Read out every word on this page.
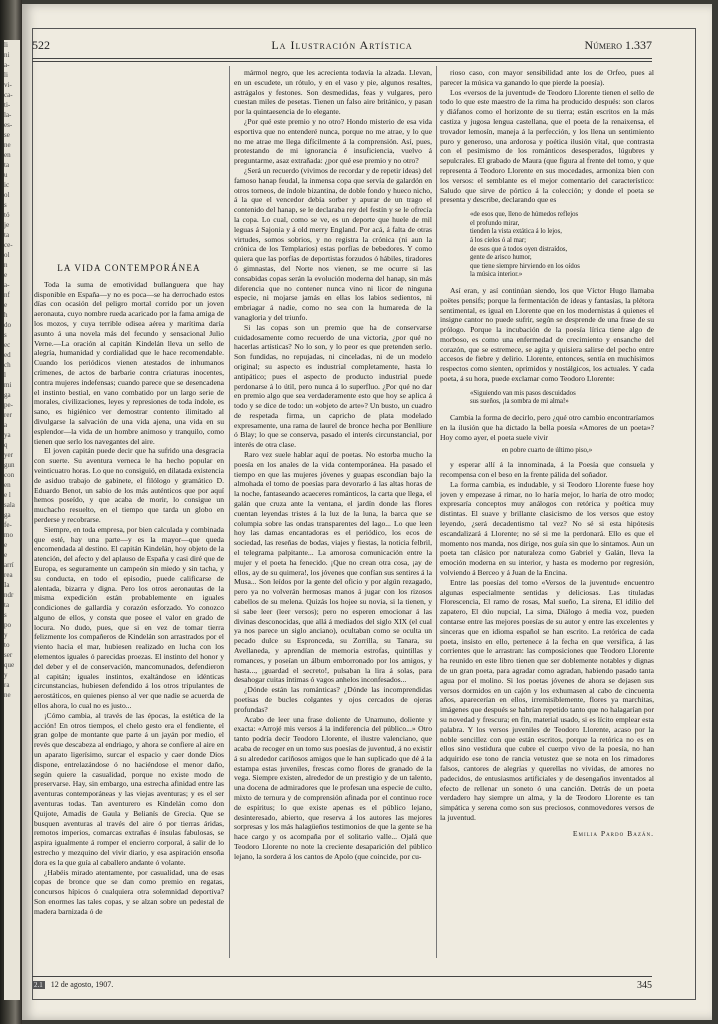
li
ni
a-
li
vi-
ca-
ti-
la-
es-
se
ne
en
ta
u
ic
ol
s
tó
je
ta
ce-
ol
n
e
a-
nf
e
h
do
s
ec
ed
ch
l
mi
ga
pe-
rer
a
ya
q
yer
gun
con
en
e l
sala
ga
fe-
mo
e
e
arrí
rea
Ia
ndr
ta
s
po
y
to
ser
que
y
ra
ne
522	La Ilustración Artística	Número 1.337
LA VIDA CONTEMPORÁNEA

Toda la suma de emotividad bullanguera que hay disponible en España—y no es poca—se ha derrochado estos días con ocasión del peligro mortal corrido por un joven aeronauta, cuyo nombre rueda acaricado por la fama amiga de los mozos, y cuya terrible odisea aérea y marítima daría asunto á una novela más del fecundo y sensacional Julio Verne.—La oración al capitán Kindelán lleva un sello de alegría, humanidad y cordialidad que le hace recomendable. Cuando los periódicos vienen atestados de inhumanos crímenes, de actos de barbarie contra criaturas inocentes, contra mujeres indefensas; cuando parece que se desencadena el instinto bestial, en vano combatido por un largo serie de morales, civilizaciones, leyes y represiones de toda índole, es sano, es higiénico ver demostrar contento ilimitado al divulgarse la salvación de una vida ajena, una vida en su esplendor—la vida de un hombre animoso y tranquilo, como tienen que serlo los navegantes del aire.

El joven capitán puede decir que ha sufrido una desgracia con suerte. Su aventura verneca le ha hecho popular en veinticuatro horas. Lo que no consiguió, en dilatada existencia de asiduo trabajo de gabinete, el filólogo y gramático D. Eduardo Benot, un sabio de los más auténticos que por aquí hemos poseído, y que acaba de morir, lo consigue un muchacho resuelto, en el tiempo que tarda un globo en perderse y recobrarse.

Siempre, en toda empresa, por bien calculada y combinada que esté, hay una parte—y es la mayor—que queda encomendada al destino. El capitán Kindelán, hoy objeto de la atención, del afecto y del aplauso de España y casi diré que de Europa, es seguramente un campeón sin miedo y sin tacha, y su conducta, en todo el episodio, puede calificarse de alentada, bizarra y digna. Pero los otros aeronautas de la misma expedición están probablemente en iguales condiciones de gallardía y corazón esforzado. Yo conozco alguno de ellos, y consta que posee el valor en grado de locura. No dudo, pues, que si en vez de tomar tierra felizmente los compañeros de Kindelán son arrastrados por el viento hacia el mar, hubiesen realizado en lucha con los elementos iguales ó parecidas proezas. El instinto del honor y del deber y el de conservación, mancomunados, defendieron al capitán; iguales instintos, exaltándose en idénticas circunstancias, hubiesen defendido á los otros tripulantes de aerostáticos, en quienes pienso al ver que nadie se acuerda de ellos ahora, lo cual no es justo...

¡Cómo cambia, al través de las épocas, la estética de la acción! En otros tiempos, el chelo gesto era el fendiente, el gran golpe de montante que parte á un jayán por medio, el revés que descabeza al endriago, y ahora se confiere al aire en un aparato ligerísimo, surcar el espacio y caer donde Dios dispone, entrelazándose ó no haciéndose el menor daño, según quiere la casualidad, porque no existe modo de preservarse. Hay, sin embargo, una estrecha afinidad entre las aventuras contemporáneas y las viejas aventuras; y es el ser aventuras todas. Tan aventurero es Kindelán como don Quijote, Amadís de Gaula y Belianís de Grecia. Que se busquen aventuras al través del aire ó por tierras áridas, remotos imperios, comarcas extrañas é ínsulas fabulosas, se aspira igualmente á romper el encierro corporal, á salir de lo estrecho y mezquino del vivir diario, y esa aspiración ensoña dora es la que guía al caballero andante ó volante.

¿Habéis mirado atentamente, por casualidad, una de esas copas de bronce que se dan como premio en regatas, concursos hípicos ó cualquiera otra solemnidad deportiva? Son enormes las tales copas, y se alzan sobre un pedestal de madera barnizada ó de

mármol negro, que les acrecienta todavía la alzada. Llevan, en un escudete, un rótulo, y en el vaso y pie, algunos resaltes, astrágalos y festones. Son desmedidas, feas y vulgares, pero cuestan miles de pesetas. Tienen un falso aire británico, y pasan por la quintaesencia de lo elegante.

¿Por qué este premio y no otro? Hondo misterio de esa vida esportiva que no entenderé nunca, porque no me atrae, y lo que no me atrae me llega difícilmente á la comprensión. Así, pues, protestando de mi ignorancia é insuficiencia, vuelvo á preguntarme, asaz extrañada: ¿por qué ese premio y no otro?

¿Será un recuerdo (vivimos de recordar y de repetir ideas) del famoso hanap feudal, la inmensa copa que servía de galardón en otros torneos, de índole bizantina, de doble fondo y hueco nicho, á la que el vencedor debía sorber y apurar de un trago el contenido del hanap, se le declaraba rey del festín y se le ofrecía la copa. Lo cual, como se ve, es un deporte que huele de mil leguas á Sajonia y á old merry England. Por acá, á falta de otras virtudes, somos sobrios, y no registra la crónica (ni aun la crónica de los Templarios) estas porfías de bebedores. Y como quiera que las porfías de deportistas forzudos ó hábiles, tiradores ó gimnastas, del Norte nos vienen, se me ocurre si las consabidas copas serán la evolución moderna del hanap, sin más diferencia que no contener nunca vino ni licor de ninguna especie, ni mojarse jamás en ellas los labios sedientos, ni embriagar á nadie, como no sea con la humareda de la vanagloria y del triunfo.

Si las copas son un premio que ha de conservarse cuidadosamente como recuerdo de una victoria, ¿por qué no hacerlas artísticas? No lo son, y lo peor es que pretenden serlo. Son fundidas, no repujadas, ni cinceladas, ni de un modelo original; su aspecto es industrial completamente, hasta lo antipático; pues el aspecto de producto industrial puede perdonarse á lo útil, pero nunca á lo superfluo. ¿Por qué no dar en premio algo que sea verdaderamente esto que hoy se aplica á todo y se dice de todo: un «objeto de arte»? Un busto, un cuadro de respetada firma, un capricho de plata modelado expresamente, una rama de laurel de bronce hecha por Benlliure ó Blay; lo que se conserva, pasado el interés circunstancial, por interés de otra clase.

Raro vez suele hablar aquí de poetas. No estorba mucho la poesía en los anales de la vida contemporánea. Ha pasado el tiempo en que las mujeres jóvenes y guapas escondían bajo la almohada el tomo de poesías para devorarlo á las altas horas de la noche, fantaseando acaeceres románticos, la carta que llega, el galán que cruza ante la ventana, el jardín donde las flores cuentan leyendas tristes á la luz de la luna, la barca que se columpia sobre las ondas transparentes del lago... Lo que leen hoy las damas encantadoras es el periódico, los ecos de sociedad, las reseñas de bodas, viajes y fiestas, la noticia felbril, el telegrama palpitante... La amorosa comunicación entre la mujer y el poeta ha fenecido. ¡Que no crean otra cosa, ¡ay de ellos, ay de su quimera!, los jóvenes que confían sus sentires á la Musa... Son leídos por la gente del oficio y por algún rezagado, pero ya no volverán hermosas manos á jugar con los rizosos cabellos de su melena. Quizás los hojee su novia, si la tienen, y si sabe leer (leer versos); pero no esperen emocionar á las divinas desconocidas, que allá á mediados del siglo XIX (el cual ya nos parece un siglo anciano), ocultaban como se oculta un pecado dulce su Espronceda, su Zorrilla, su Tanara, su Avellaneda, y aprendían de memoria estrofas, quintillas y romances, y poseían un álbum emborronado por los amigos, y hasta..., ¡guardad el secreto!, pulsaban la lira á solas, para desahogar cuitas íntimas ó vagos anhelos inconfesados...

¿Dónde están las románticas? ¿Dónde las incomprendidas poetisas de bucles colgantes y ojos cercados de ojeras profundas?

Acabo de leer una frase doliente de Unamuno, doliente y exacta: «Arrojé mis versos á la indiferencia del público...» Otro tanto podría decir Teodoro Llorente, el ilustre valenciano, que acaba de recoger en un tomo sus poesías de juventud, á no existir á su alrededor cariñosos amigos que le han suplicado que dé á la estampa estas juveniles, frescas como flores de granado de la vega. Siempre existen, alrededor de un prestigio y de un talento, una docena de admiradores que le profesan una especie de culto, mixto de ternura y de comprensión afinada por el continuo roce de espíritus; lo que existe apenas es el público lejano, desinteresado, abierto, que reserva á los autores las mejores sorpresas y los más halagüeños testimonios de que la gente se ha hace cargo y os acompaña por el solitario valle... Ojalá que Teodoro Llorente no note la creciente desaparición del público lejano, la sordera á los cantos de Apolo (que coincide, por cu-

rioso caso, con mayor sensibilidad ante los de Orfeo, pues al parecer la música va ganando lo que pierde la poesía).

Los «versos de la juventud» de Teodoro Llorente tienen el sello de todo lo que este maestro de la rima ha producido después: son claros y diáfanos como el horizonte de su tierra; están escritos en la más castiza y jugosa lengua castellana, que el poeta de la renaixensa, el trovador lemosín, maneja á la perfección, y los llena un sentimiento puro y generoso, una ardorosa y poética ilusión vital, que contrasta con el pesimismo de los románticos desesperados, lúgubres y sepulcrales. El grabado de Maura (que figura al frente del tomo, y que representa á Teodoro Llorente en sus mocedades, armoniza bien con los versos: el semblante es el mejor comentario del característico: Saludo que sirve de pórtico á la colección; y donde el poeta se presenta y describe, declarando que es

«de esos que, lleno de húmedos reflejos
el profundo mirar,
tienden la vista extática á lo lejos,
á los cielos ó al mar;
de esos que á todos oyen distraídos,
gente de arisco humor,
que tiene siempre hirviendo en los oídos
la música interior.»

Así eran, y así continúan siendo, los que Víctor Hugo llamaba poëtes pensifs; porque la fermentación de ideas y fantasías, la plétora sentimental, es igual en Llorente que en los modernistas á quienes el insigne cantor no puede sufrir, según se desprende de una frase de su prólogo. Porque la incubación de la poesía lírica tiene algo de morboso, es como una enfermedad de crecimiento y ensanche del corazón, que se estremece, se agita y quisiera salirse del pecho entre accesos de fiebre y delirio. Llorente, entonces, sentía en muchísimos respectos como sienten, oprimidos y nostálgicos, los actuales. Y cada poeta, á su hora, puede exclamar como Teodoro Llorente:

«Siguiendo van mis pasos descuidados
sus sueños, ¡la sombra de mi alma!»

Cambia la forma de decirlo, pero ¿qué otro cambio encontraríamos en la ilusión que ha dictado la bella poesía «Amores de un poeta»? Hoy como ayer, el poeta suele vivir

en pobre cuarto de último piso,»

y esperar allí á la innominada, á la Poesía que consuela y recompensa con el beso en la frente pálida del soñador.

La forma cambia, es indudable, y si Teodoro Llorente fuese hoy joven y empezase á rimar, no lo haría mejor, lo haría de otro modo; expresaría conceptos muy análogos con retórica y poética muy distintas. El suave y brillante clasicismo de los versos que estoy leyendo, ¿será decadentismo tal vez? No sé si esta hipótesis escandalizará á Llorente; no sé si me la perdonará. Ello es que el momento nos manda, nos dirige, nos guía sin que lo sintamos. Aun un poeta tan clásico por naturaleza como Gabriel y Galán, lleva la emoción moderna en su interior, y hasta es moderno por regresión, volviendo á Berceo y á Juan de la Encina.

Entre las poesías del tomo «Versos de la juventud» encuentro algunas especialmente sentidas y deliciosas. Las tituladas Florescencia, El ramo de rosas, Mal sueño, La sirena, El idilio del zapatero, El dúo nupcial, La sima, Diálogo á media voz, pueden contarse entre las mejores poesías de su autor y entre las excelentes y sinceras que en idioma español se han escrito. La retórica de cada poeta, insisto en ello, pertenece á la fecha en que versifica, á las corrientes que le arrastran: las composiciones que Teodoro Llorente ha reunido en este libro tienen que ser doblemente notables y dignas de un gran poeta, para agradar como agradan, habiendo pasado tanta agua por el molino. Si los poetas jóvenes de ahora se dejasen sus versos dormidos en un cajón y los exhumasen al cabo de cincuenta años, aparecerían en ellos, irremisiblemente, flores ya marchitas, imágenes que después se habrían repetido tanto que no halagarían por su novedad y frescura; en fin, material usado, si es lícito emplear esta palabra. Y los versos juveniles de Teodoro Llorente, acaso por la noble sencillez con que están escritos, porque la retórica no es en ellos sino vestidura que cubre el cuerpo vivo de la poesía, no han adquirido ese tono de rancia vetustez que se nota en los rimadores falsos, cantores de alegrías y querellas no vividas, de amores no padecidos, de entusiasmos artificiales y de desengaños inventados al efecto de rellenar un soneto ó una canción. Detrás de un poeta verdadero hay siempre un alma, y la de Teodoro Llorente es tan simpática y serena como son sus preciosos, conmovedores versos de la juventud.

Emilia Pardo Bazán.
2.1 12 de agosto, 1907.	345
